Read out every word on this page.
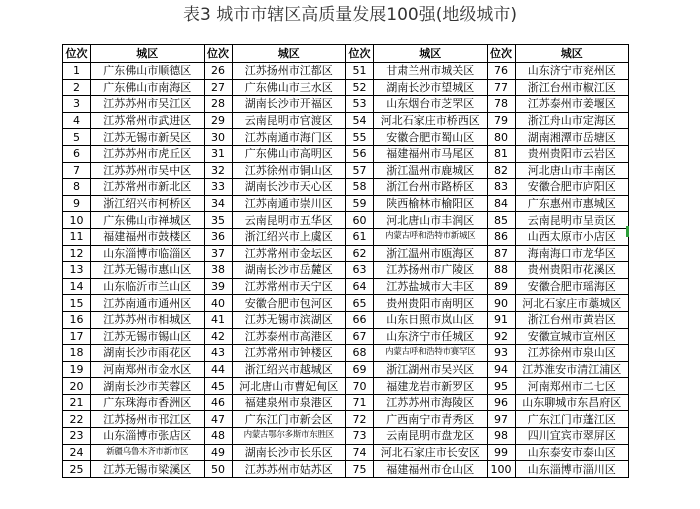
表3 城市市辖区高质量发展100强(地级城市)
位次	城区	位次	城区	位次	城区	位次	城区
1	广东佛山市顺德区	26	江苏扬州市江都区	51	甘肃兰州市城关区	76	山东济宁市兖州区
2	广东佛山市南海区	27	广东佛山市三水区	52	湖南长沙市望城区	77	浙江台州市椒江区
3	江苏苏州市吴江区	28	湖南长沙市开福区	53	山东烟台市芝罘区	78	江苏泰州市姜堰区
4	江苏常州市武进区	29	云南昆明市官渡区	54	河北石家庄市桥西区	79	浙江舟山市定海区
5	江苏无锡市新吴区	30	江苏南通市海门区	55	安徽合肥市蜀山区	80	湖南湘潭市岳塘区
6	江苏苏州市虎丘区	31	广东佛山市高明区	56	福建福州市马尾区	81	贵州贵阳市云岩区
7	江苏苏州市吴中区	32	江苏徐州市铜山区	57	浙江温州市鹿城区	82	河北唐山市丰南区
8	江苏常州市新北区	33	湖南长沙市天心区	58	浙江台州市路桥区	83	安徽合肥市庐阳区
9	浙江绍兴市柯桥区	34	江苏南通市崇川区	59	陕西榆林市榆阳区	84	广东惠州市惠城区
10	广东佛山市禅城区	35	云南昆明市五华区	60	河北唐山市丰润区	85	云南昆明市呈贡区
11	福建福州市鼓楼区	36	浙江绍兴市上虞区	61	内蒙古呼和浩特市新城区	86	山西太原市小店区
12	山东淄博市临淄区	37	江苏常州市金坛区	62	浙江温州市瓯海区	87	海南海口市龙华区
13	江苏无锡市惠山区	38	湖南长沙市岳麓区	63	江苏扬州市广陵区	88	贵州贵阳市花溪区
14	山东临沂市兰山区	39	江苏常州市天宁区	64	江苏盐城市大丰区	89	安徽合肥市瑶海区
15	江苏南通市通州区	40	安徽合肥市包河区	65	贵州贵阳市南明区	90	河北石家庄市藁城区
16	江苏苏州市相城区	41	江苏无锡市滨湖区	66	山东日照市岚山区	91	浙江台州市黄岩区
17	江苏无锡市锡山区	42	江苏泰州市高港区	67	山东济宁市任城区	92	安徽宣城市宣州区
18	湖南长沙市雨花区	43	江苏常州市钟楼区	68	内蒙古呼和浩特市赛罕区	93	江苏徐州市泉山区
19	河南郑州市金水区	44	浙江绍兴市越城区	69	浙江湖州市吴兴区	94	江苏淮安市清江浦区
20	湖南长沙市芙蓉区	45	河北唐山市曹妃甸区	70	福建龙岩市新罗区	95	河南郑州市二七区
21	广东珠海市香洲区	46	福建泉州市泉港区	71	江苏苏州市海陵区	96	山东聊城市东昌府区
22	江苏扬州市邗江区	47	广东江门市新会区	72	广西南宁市青秀区	97	广东江门市蓬江区
23	山东淄博市张店区	48	内蒙古鄂尔多斯市东胜区	73	云南昆明市盘龙区	98	四川宜宾市翠屏区
24	新疆乌鲁木齐市新市区	49	湖南长沙市长乐区	74	河北石家庄市长安区	99	山东泰安市泰山区
25	江苏无锡市梁溪区	50	江苏苏州市姑苏区	75	福建福州市仓山区	100	山东淄博市淄川区
